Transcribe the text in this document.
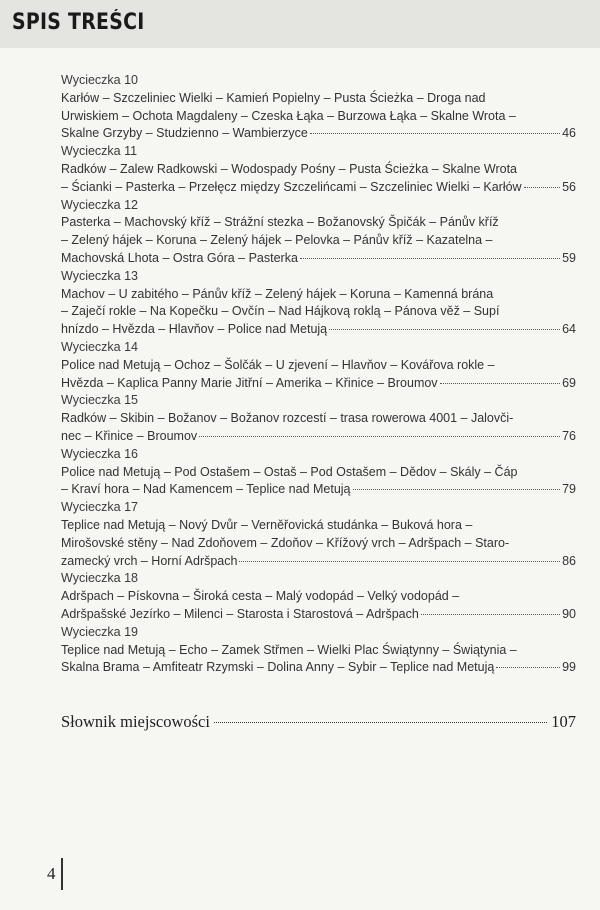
SPIS TREŚCI
Wycieczka 10
Karłów – Szczeliniec Wielki – Kamień Popielny – Pusta Ścieżka – Droga nad
Urwiskiem – Ochota Magdaleny – Czeska Łąka – Burzowa Łąka – Skalne Wrota –
Skalne Grzyby – Studzienno – Wambierzyce	46
Wycieczka 11
Radków – Zalew Radkowski – Wodospady Pośny – Pusta Ścieżka – Skalne Wrota
– Ścianki – Pasterka – Przełęcz między Szczelińcami – Szczeliniec Wielki – Karłów	56
Wycieczka 12
Pasterka – Machovský kříž – Strážní stezka – Božanovský Špičák – Pánův kříž
– Zelený hájek – Koruna – Zelený hájek – Pelovka – Pánův kříž – Kazatelna –
Machovská Lhota – Ostra Góra – Pasterka	59
Wycieczka 13
Machov – U zabitého – Pánův kříž – Zelený hájek – Koruna – Kamenná brána
– Zaječí rokle – Na Kopečku – Ovčín – Nad Hájkovą roklą – Pánova věž – Supí
hnízdo – Hvězda – Hlavňov – Police nad Metują	64
Wycieczka 14
Police nad Metują – Ochoz – Šolčák – U zjevení – Hlavňov – Kovářova rokle –
Hvězda – Kaplica Panny Marie Jitřní – Amerika – Křinice – Broumov	69
Wycieczka 15
Radków – Skibin – Božanov – Božanov rozcestí – trasa rowerowa 4001 – Jalovči-
nec – Křinice – Broumov	76
Wycieczka 16
Police nad Metują – Pod Ostašem – Ostaš – Pod Ostašem – Dědov – Skály – Čáp
– Kraví hora – Nad Kamencem – Teplice nad Metują	79
Wycieczka 17
Teplice nad Metują – Nový Dvůr – Verněřovická studánka – Buková hora –
Mirošovské stěny – Nad Zdoňovem – Zdoňov – Křížový vrch – Adršpach – Staro-
zamecký vrch – Horní Adršpach	86
Wycieczka 18
Adršpach – Pískovna – Široká cesta – Malý vodopád – Velký vodopád –
Adršpašské Jezírko – Milenci – Starosta i Starostová – Adršpach	90
Wycieczka 19
Teplice nad Metują – Echo – Zamek Střmen – Wielki Plac Świątynny – Świątynia –
Skalna Brama – Amfiteatr Rzymski – Dolina Anny – Sybir – Teplice nad Metują	99
Słownik miejscowości	107
4
